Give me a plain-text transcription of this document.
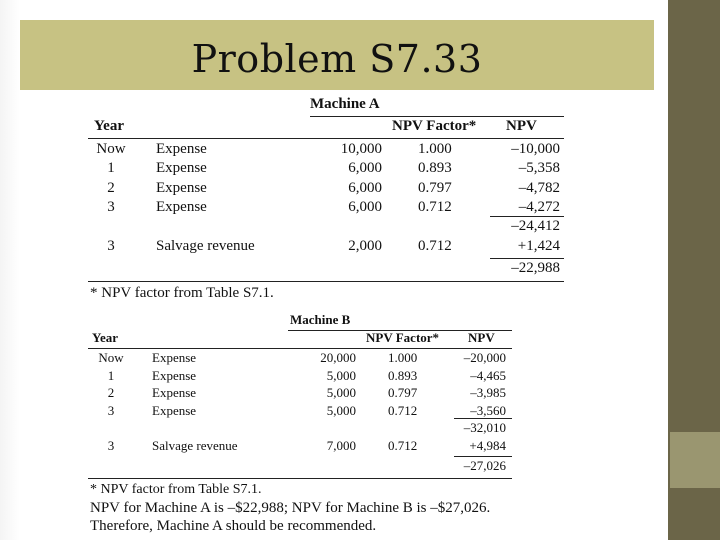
Problem S7.33
Machine A
Year	NPV Factor* NPV
Now	Expense	10,000 1.000	–10,000
1	Expense	6,000 0.893	–5,358
2	Expense	6,000 0.797	–4,782
3	Expense	6,000 0.712	–4,272
–24,412
3	Salvage revenue	2,000 0.712	+1,424
–22,988
* NPV factor from Table S7.1.
Machine B
Year	NPV Factor* NPV
Now	Expense	20,000 1.000	–20,000
1	Expense	5,000 0.893	–4,465
2	Expense	5,000 0.797	–3,985
3	Expense	5,000 0.712	–3,560
–32,010
3	Salvage revenue	7,000 0.712	+4,984
–27,026
* NPV factor from Table S7.1.
NPV for Machine A is –$22,988; NPV for Machine B is –$27,026.
Therefore, Machine A should be recommended.
